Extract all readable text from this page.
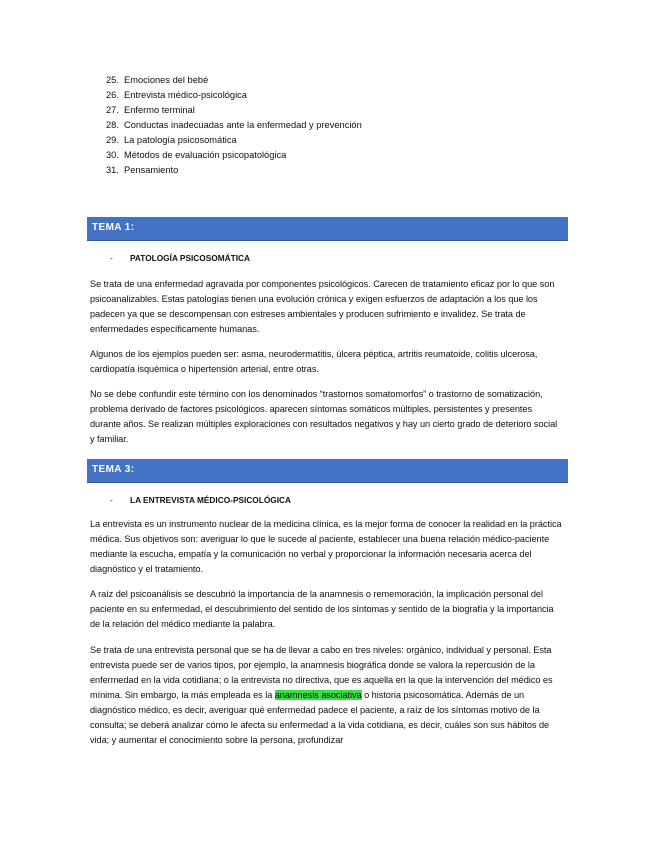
25. Emociones del bebé
26. Entrevista médico-psicológica
27. Enfermo terminal
28. Conductas inadecuadas ante la enfermedad y prevención
29. La patología psicosomática
30. Métodos de evaluación psicopatológica
31. Pensamiento
TEMA 1:
- PATOLOGÍA PSICOSOMÁTICA

Se trata de una enfermedad agravada por componentes psicológicos. Carecen de tratamiento eficaz por lo que son psicoanalizables. Estas patologías tienen una evolución crónica y exigen esfuerzos de adaptación a los que los padecen ya que se descompensan con estreses ambientales y producen sufrimiento e invalidez. Se trata de enfermedades específicamente humanas.

Algunos de los ejemplos pueden ser: asma, neurodermatitis, úlcera péptica, artritis reumatoide, colitis ulcerosa, cardiopatía isquémica o hipertensión arterial, entre otras.

No se debe confundir este término con los denominados “trastornos somatomorfos” o trastorno de somatización, problema derivado de factores psicológicos. aparecen síntomas somáticos múltiples, persistentes y presentes durante años. Se realizan múltiples exploraciones con resultados negativos y hay un cierto grado de deterioro social y familiar.

TEMA 3:
- LA ENTREVISTA MÉDICO-PSICOLÓGICA

La entrevista es un instrumento nuclear de la medicina clínica, es la mejor forma de conocer la realidad en la práctica médica. Sus objetivos son: averiguar lo que le sucede al paciente, establecer una buena relación médico-paciente mediante la escucha, empatía y la comunicación no verbal y proporcionar la información necesaria acerca del diagnóstico y el tratamiento.

A raíz del psicoanálisis se descubrió la importancia de la anamnesis o rememoración, la implicación personal del paciente en su enfermedad, el descubrimiento del sentido de los síntomas y sentido de la biografía y la importancia de la relación del médico mediante la palabra.

Se trata de una entrevista personal que se ha de llevar a cabo en tres niveles: orgánico, individual y personal. Esta entrevista puede ser de varios tipos, por ejemplo, la anamnesis biográfica donde se valora la repercusión de la enfermedad en la vida cotidiana; o la entrevista no directiva, que es aquella en la que la intervención del médico es mínima. Sin embargo, la más empleada es la anamnesis asociativa o historia psicosomática. Además de un diagnóstico médico, es decir, averiguar qué enfermedad padece el paciente, a raíz de los síntomas motivo de la consulta; se deberá analizar cómo le afecta su enfermedad a la vida cotidiana, es decir, cuáles son sus hábitos de vida; y aumentar el conocimiento sobre la persona, profundizar
